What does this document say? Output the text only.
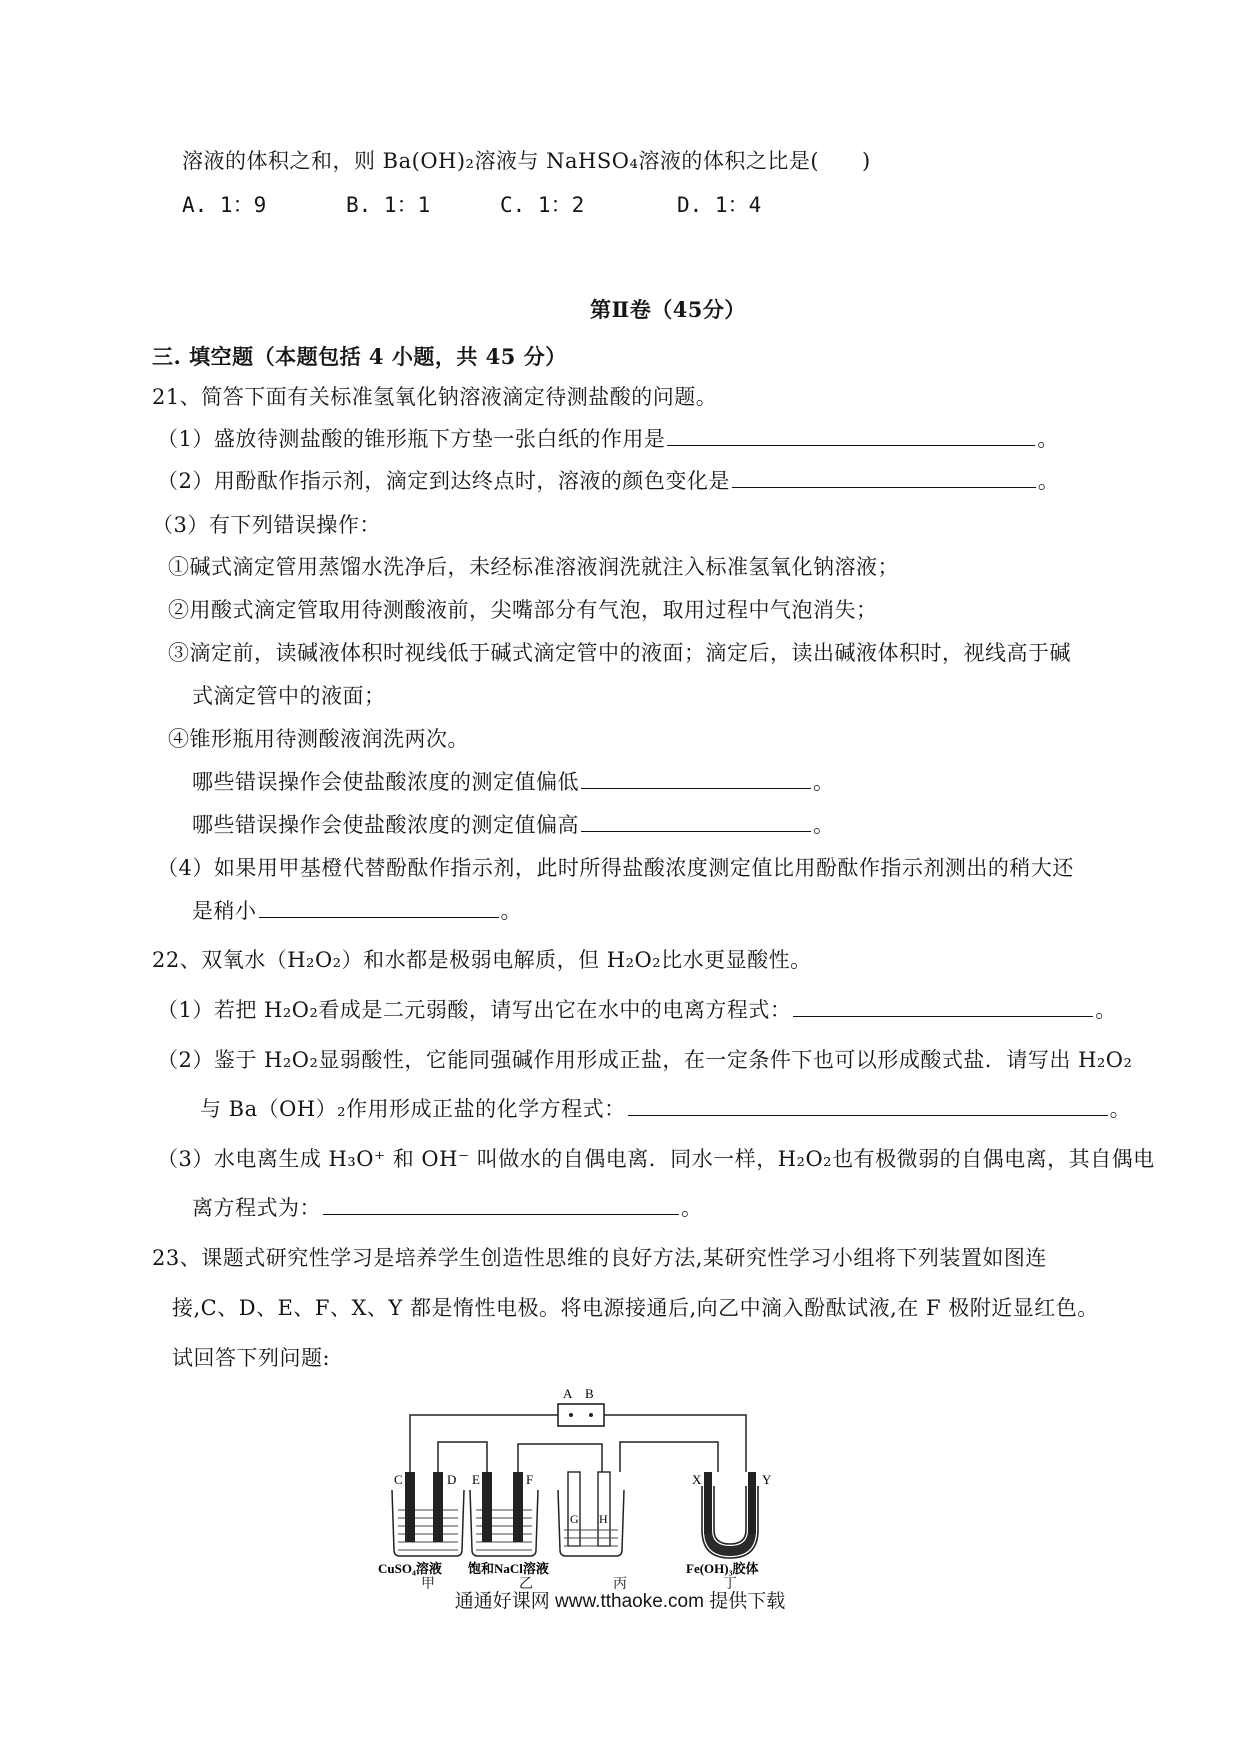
溶液的体积之和，则 Ba(OH)₂溶液与 NaHSO₄溶液的体积之比是(　　)
A. 1：9	B. 1：1	C. 1：2	D. 1：4
第Ⅱ卷（45分）
三. 填空题（本题包括 4 小题，共 45 分）
21、简答下面有关标准氢氧化钠溶液滴定待测盐酸的问题。
（1）盛放待测盐酸的锥形瓶下方垫一张白纸的作用是	。
（2）用酚酞作指示剂，滴定到达终点时，溶液的颜色变化是	。
（3）有下列错误操作：
①碱式滴定管用蒸馏水洗净后，未经标准溶液润洗就注入标准氢氧化钠溶液；
②用酸式滴定管取用待测酸液前，尖嘴部分有气泡，取用过程中气泡消失；
③滴定前，读碱液体积时视线低于碱式滴定管中的液面；滴定后，读出碱液体积时，视线高于碱
式滴定管中的液面；
④锥形瓶用待测酸液润洗两次。
哪些错误操作会使盐酸浓度的测定值偏低	。
哪些错误操作会使盐酸浓度的测定值偏高	。
（4）如果用甲基橙代替酚酞作指示剂，此时所得盐酸浓度测定值比用酚酞作指示剂测出的稍大还
是稍小	。
22、双氧水（H₂O₂）和水都是极弱电解质，但 H₂O₂比水更显酸性。
（1）若把 H₂O₂看成是二元弱酸，请写出它在水中的电离方程式：	。
（2）鉴于 H₂O₂显弱酸性，它能同强碱作用形成正盐，在一定条件下也可以形成酸式盐．请写出 H₂O₂
与 Ba（OH）₂作用形成正盐的化学方程式：	。
（3）水电离生成 H₃O⁺ 和 OH⁻ 叫做水的自偶电离．同水一样，H₂O₂也有极微弱的自偶电离，其自偶电
离方程式为：	。
23、课题式研究性学习是培养学生创造性思维的良好方法,某研究性学习小组将下列装置如图连
接,C、D、E、F、X、Y 都是惰性电极。将电源接通后,向乙中滴入酚酞试液,在 F 极附近显红色。
试回答下列问题:
A B
C	D E	F
G H
X	Y
CuSO₄溶液 饱和NaCl溶液	Fe(OH)₃胶体
甲	乙	丙	丁
通通好课网 www.tthaoke.com 提供下载
